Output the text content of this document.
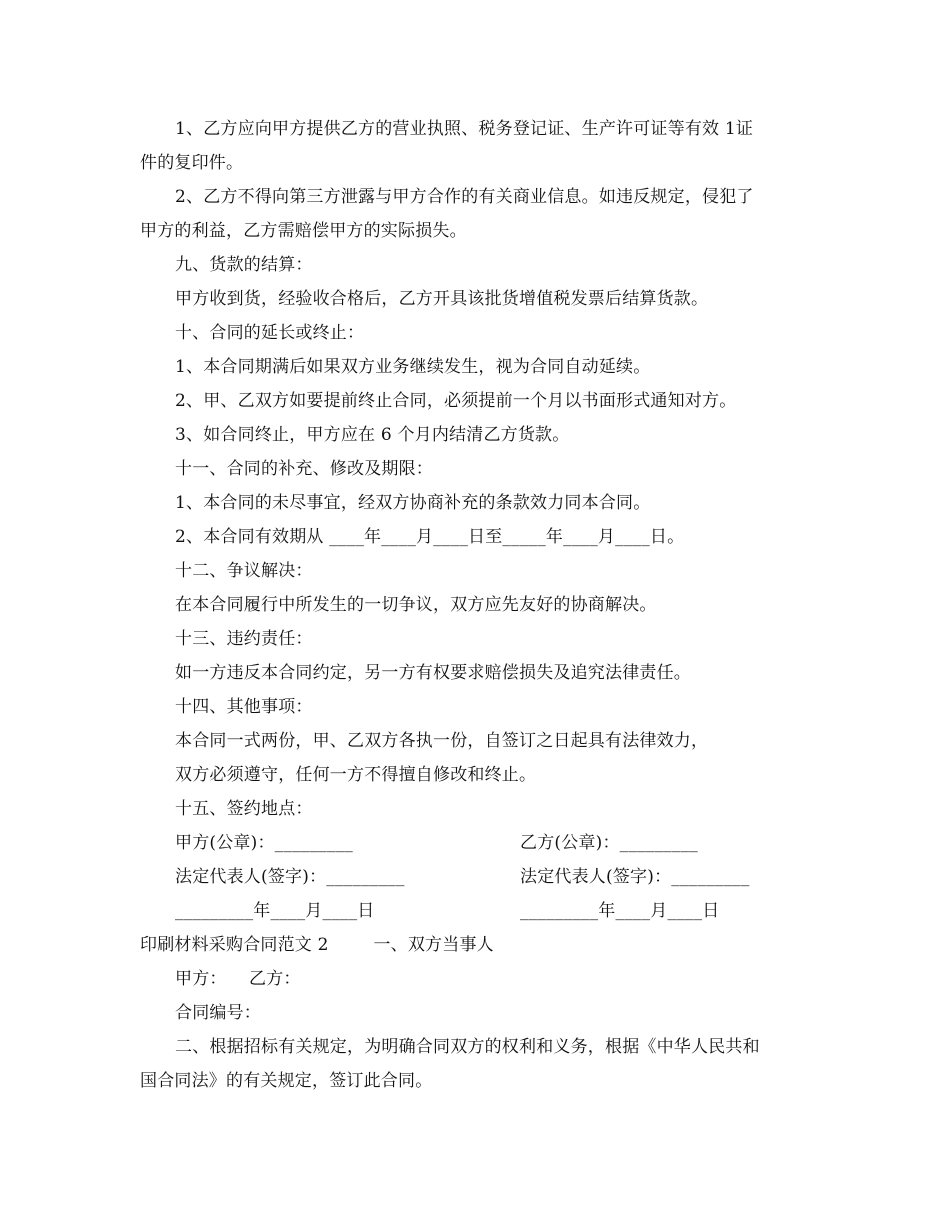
1、乙方应向甲方提供乙方的营业执照、税务登记证、生产许可证等有效 1证
件的复印件。
2、乙方不得向第三方泄露与甲方合作的有关商业信息。如违反规定，侵犯了
甲方的利益，乙方需赔偿甲方的实际损失。
九、货款的结算：
甲方收到货，经验收合格后，乙方开具该批货增值税发票后结算货款。
十、合同的延长或终止：
1、本合同期满后如果双方业务继续发生，视为合同自动延续。
2、甲、乙双方如要提前终止合同，必须提前一个月以书面形式通知对方。
3、如合同终止，甲方应在 6 个月内结清乙方货款。
十一、合同的补充、修改及期限：
1、本合同的未尽事宜，经双方协商补充的条款效力同本合同。
2、本合同有效期从 ____年____月____日至_____年____月____日。
十二、争议解决：
在本合同履行中所发生的一切争议，双方应先友好的协商解决。
十三、违约责任：
如一方违反本合同约定，另一方有权要求赔偿损失及追究法律责任。
十四、其他事项：
本合同一式两份，甲、乙双方各执一份，自签订之日起具有法律效力，
双方必须遵守，任何一方不得擅自修改和终止。
十五、签约地点：
甲方(公章)：_________	乙方(公章)：_________
法定代表人(签字)：_________	法定代表人(签字)：_________
_________年____月____日	_________年____月____日
印刷材料采购合同范文 2        一、双方当事人
甲方：    乙方：
合同编号：
二、根据招标有关规定，为明确合同双方的权利和义务，根据《中华人民共和
国合同法》的有关规定，签订此合同。
